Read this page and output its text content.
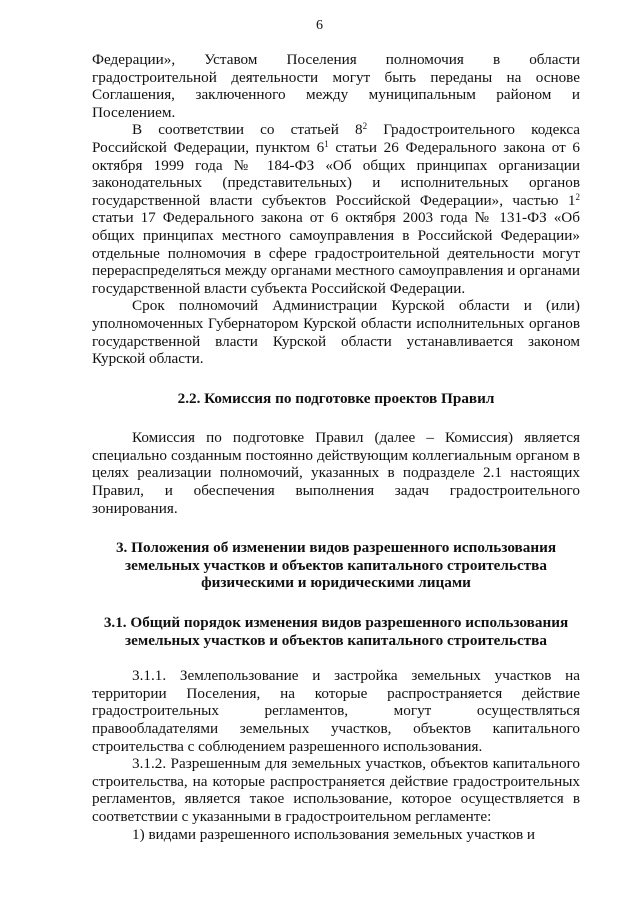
6

Федерации», Уставом Поселения полномочия в области градостроительной деятельности могут быть переданы на основе Соглашения, заключенного между муниципальным районом и Поселением.

В соответствии со статьей $8^2$ Градостроительного кодекса Российской Федерации, пунктом $6^1$ статьи 26 Федерального закона от 6 октября 1999 года № 184-ФЗ «Об общих принципах организации законодательных (представительных) и исполнительных органов государственной власти субъектов Российской Федерации», частью $1^2$ статьи 17 Федерального закона от 6 октября 2003 года № 131-ФЗ «Об общих принципах местного самоуправления в Российской Федерации» отдельные полномочия в сфере градостроительной деятельности могут перераспределяться между органами местного самоуправления и органами государственной власти субъекта Российской Федерации.

Срок полномочий Администрации Курской области и (или) уполномоченных Губернатором Курской области исполнительных органов государственной власти Курской области устанавливается законом Курской области.

2.2. Комиссия по подготовке проектов Правил

Комиссия по подготовке Правил (далее – Комиссия) является специально созданным постоянно действующим коллегиальным органом в целях реализации полномочий, указанных в подразделе 2.1 настоящих Правил, и обеспечения выполнения задач градостроительного зонирования.

3. Положения об изменении видов разрешенного использования
земельных участков и объектов капитального строительства
физическими и юридическими лицами

3.1. Общий порядок изменения видов разрешенного использования
земельных участков и объектов капитального строительства

3.1.1. Землепользование и застройка земельных участков на территории Поселения, на которые распространяется действие градостроительных регламентов, могут осуществляться правообладателями земельных участков, объектов капитального строительства с соблюдением разрешенного использования.

3.1.2. Разрешенным для земельных участков, объектов капитального строительства, на которые распространяется действие градостроительных регламентов, является такое использование, которое осуществляется в соответствии с указанными в градостроительном регламенте:

1) видами разрешенного использования земельных участков и
